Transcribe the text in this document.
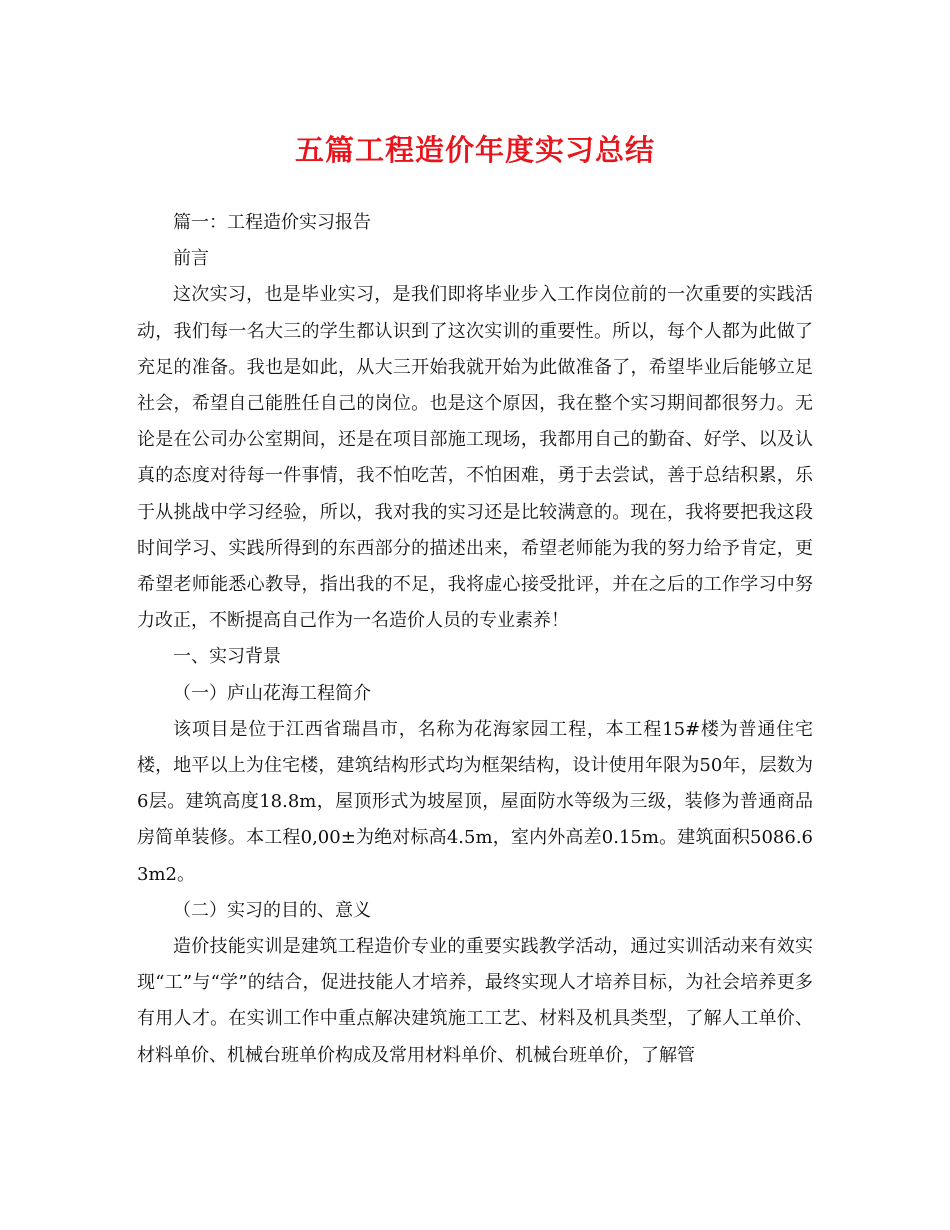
五篇工程造价年度实习总结

篇一：工程造价实习报告

前言

这次实习，也是毕业实习，是我们即将毕业步入工作岗位前的一次重要的实践活动，我们每一名大三的学生都认识到了这次实训的重要性。所以，每个人都为此做了充足的准备。我也是如此，从大三开始我就开始为此做准备了，希望毕业后能够立足社会，希望自己能胜任自己的岗位。也是这个原因，我在整个实习期间都很努力。无论是在公司办公室期间，还是在项目部施工现场，我都用自己的勤奋、好学、以及认真的态度对待每一件事情，我不怕吃苦，不怕困难，勇于去尝试，善于总结积累，乐于从挑战中学习经验，所以，我对我的实习还是比较满意的。现在，我将要把我这段时间学习、实践所得到的东西部分的描述出来，希望老师能为我的努力给予肯定，更希望老师能悉心教导，指出我的不足，我将虚心接受批评，并在之后的工作学习中努力改正，不断提高自己作为一名造价人员的专业素养！

一、实习背景

（一）庐山花海工程简介

该项目是位于江西省瑞昌市，名称为花海家园工程，本工程15#楼为普通住宅楼，地平以上为住宅楼，建筑结构形式均为框架结构，设计使用年限为50年，层数为6层。建筑高度18.8m，屋顶形式为坡屋顶，屋面防水等级为三级，装修为普通商品房简单装修。本工程0,00±为绝对标高4.5m，室内外高差0.15m。建筑面积5086.63m2。

（二）实习的目的、意义

造价技能实训是建筑工程造价专业的重要实践教学活动，通过实训活动来有效实现“工”与“学”的结合，促进技能人才培养，最终实现人才培养目标，为社会培养更多有用人才。在实训工作中重点解决建筑施工工艺、材料及机具类型，了解人工单价、材料单价、机械台班单价构成及常用材料单价、机械台班单价，了解管
